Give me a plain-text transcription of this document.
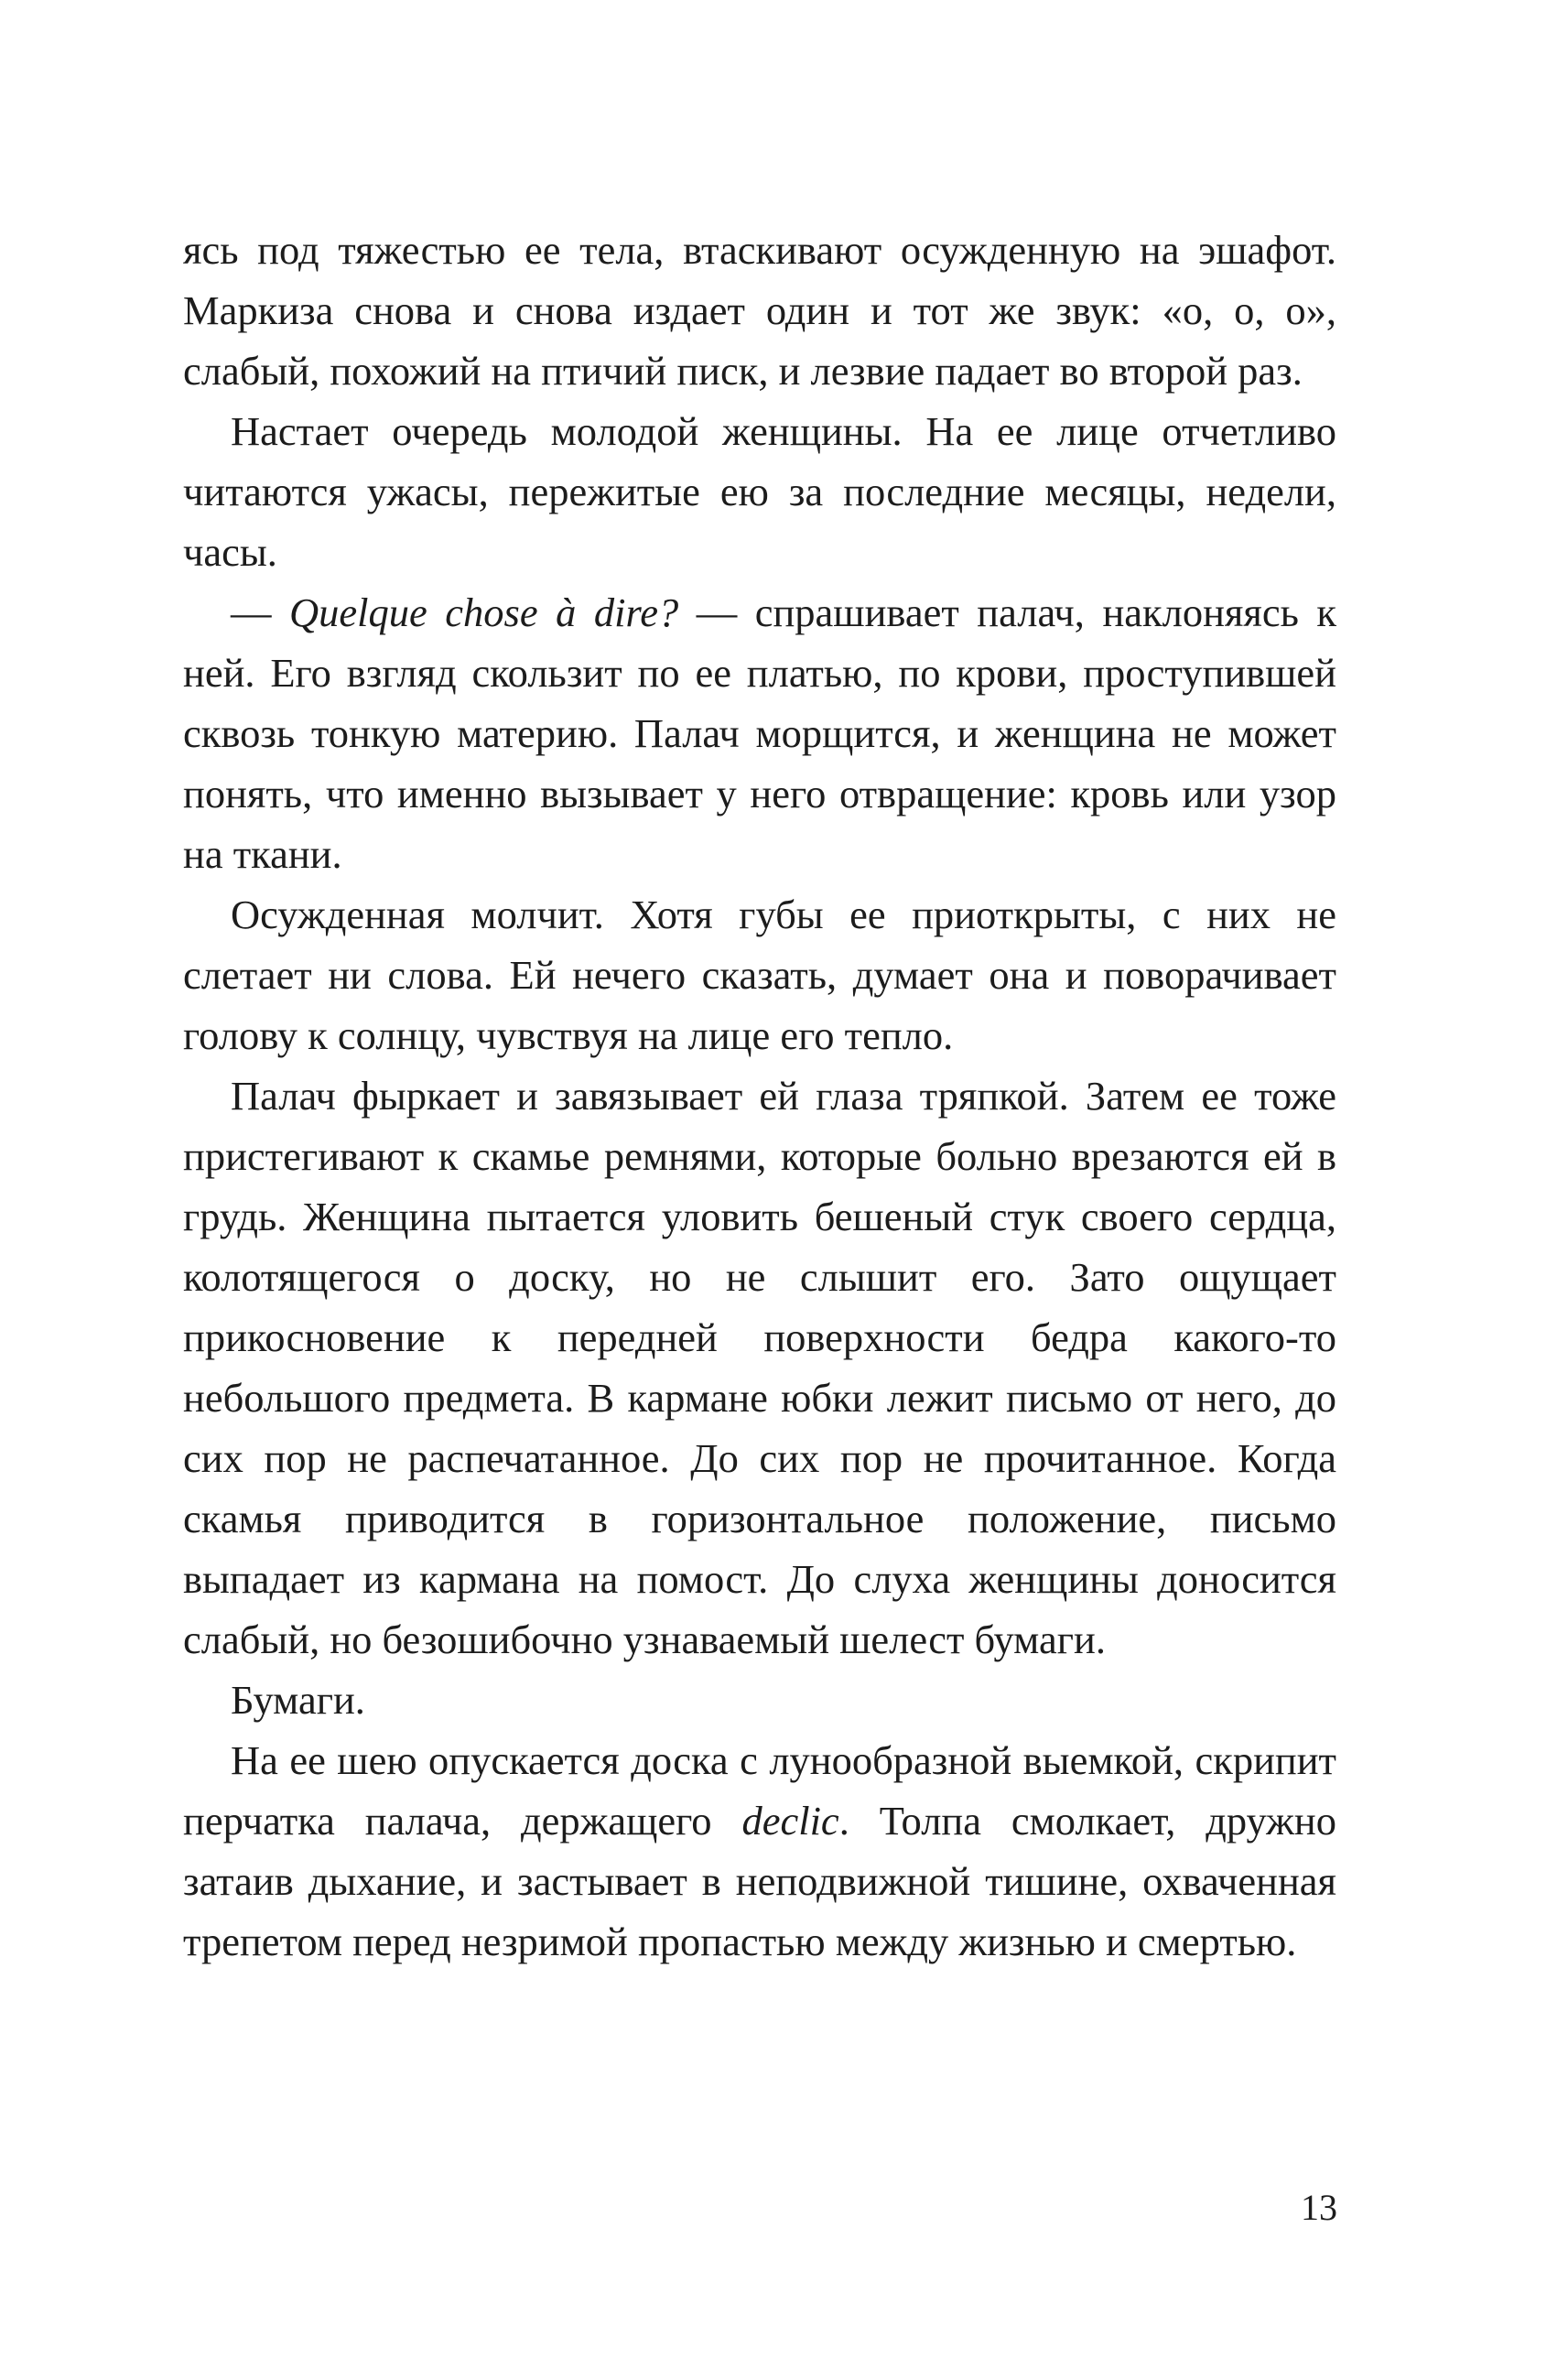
ясь под тяжестью ее тела, втаскивают осужденную на эшафот. Маркиза снова и снова издает один и тот же звук: «о, о, о», слабый, похожий на птичий писк, и лезвие падает во второй раз.

Настает очередь молодой женщины. На ее лице отчетливо читаются ужасы, пережитые ею за последние месяцы, недели, часы.

— Quelque chose à dire? — спрашивает палач, наклоняясь к ней. Его взгляд скользит по ее платью, по крови, проступившей сквозь тонкую материю. Палач морщится, и женщина не может понять, что именно вызывает у него отвращение: кровь или узор на ткани.

Осужденная молчит. Хотя губы ее приоткрыты, с них не слетает ни слова. Ей нечего сказать, думает она и поворачивает голову к солнцу, чувствуя на лице его тепло.

Палач фыркает и завязывает ей глаза тряпкой. Затем ее тоже пристегивают к скамье ремнями, которые больно врезаются ей в грудь. Женщина пытается уловить бешеный стук своего сердца, колотящегося о доску, но не слышит его. Зато ощущает прикосновение к передней поверхности бедра какого-то небольшого предмета. В кармане юбки лежит письмо от него, до сих пор не распечатанное. До сих пор не прочитанное. Когда скамья приводится в горизонтальное положение, письмо выпадает из кармана на помост. До слуха женщины доносится слабый, но безошибочно узнаваемый шелест бумаги.

Бумаги.

На ее шею опускается доска с лунообразной выемкой, скрипит перчатка палача, держащего declic. Толпа смолкает, дружно затаив дыхание, и застывает в неподвижной тишине, охваченная трепетом перед незримой пропастью между жизнью и смертью.

13
